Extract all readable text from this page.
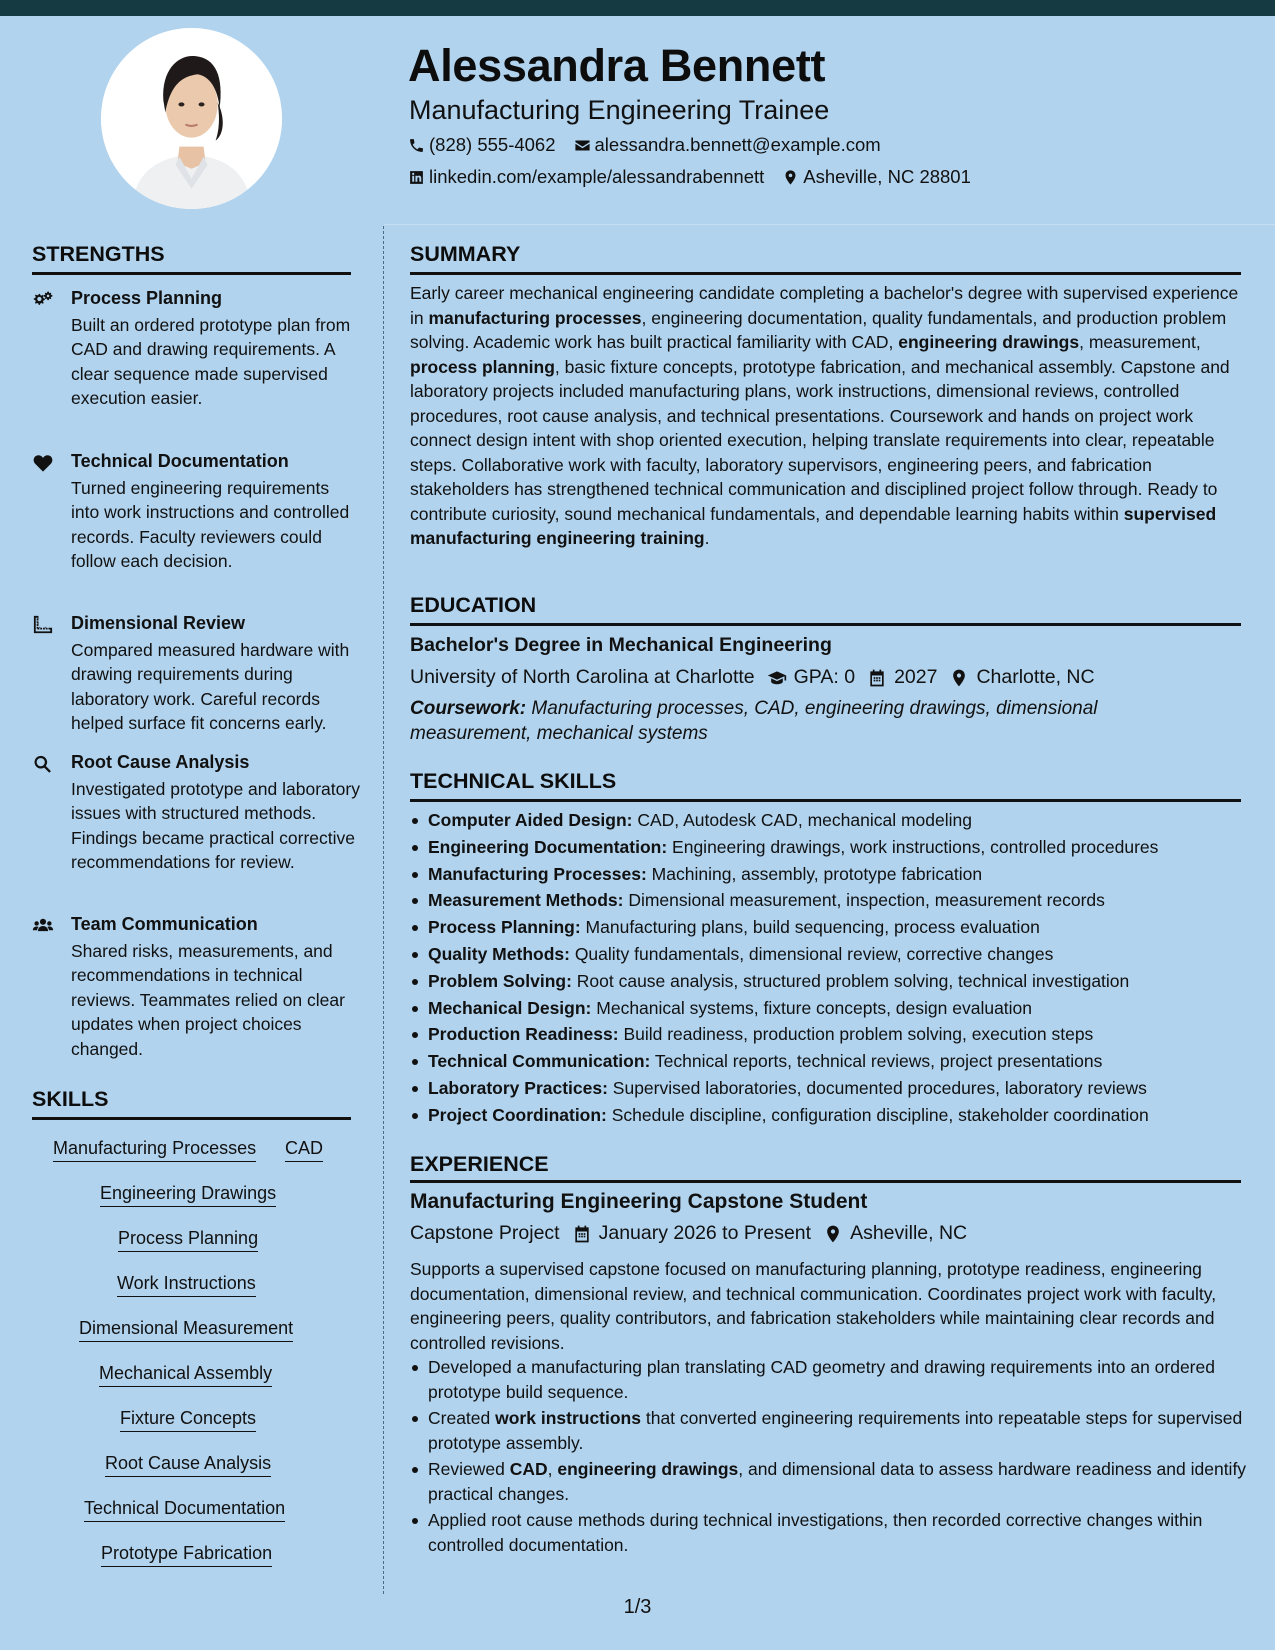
Alessandra Bennett
Manufacturing Engineering Trainee
(828) 555-4062 alessandra.bennett@example.com
linkedin.com/example/alessandrabennett Asheville, NC 28801
STRENGTHS
Process Planning
Built an ordered prototype plan from CAD and drawing requirements. A clear sequence made supervised execution easier.
Technical Documentation
Turned engineering requirements into work instructions and controlled records. Faculty reviewers could follow each decision.
Dimensional Review
Compared measured hardware with drawing requirements during laboratory work. Careful records helped surface fit concerns early.
Root Cause Analysis
Investigated prototype and laboratory issues with structured methods. Findings became practical corrective recommendations for review.
Team Communication
Shared risks, measurements, and recommendations in technical reviews. Teammates relied on clear updates when project choices changed.
SKILLS
Manufacturing Processes CAD
Engineering Drawings
Process Planning
Work Instructions
Dimensional Measurement
Mechanical Assembly
Fixture Concepts
Root Cause Analysis
Technical Documentation
Prototype Fabrication
SUMMARY
Early career mechanical engineering candidate completing a bachelor's degree with supervised experience in manufacturing processes, engineering documentation, quality fundamentals, and production problem solving. Academic work has built practical familiarity with CAD, engineering drawings, measurement, process planning, basic fixture concepts, prototype fabrication, and mechanical assembly. Capstone and laboratory projects included manufacturing plans, work instructions, dimensional reviews, controlled procedures, root cause analysis, and technical presentations. Coursework and hands on project work connect design intent with shop oriented execution, helping translate requirements into clear, repeatable steps. Collaborative work with faculty, laboratory supervisors, engineering peers, and fabrication stakeholders has strengthened technical communication and disciplined project follow through. Ready to contribute curiosity, sound mechanical fundamentals, and dependable learning habits within supervised manufacturing engineering training.
EDUCATION
Bachelor's Degree in Mechanical Engineering
University of North Carolina at Charlotte GPA: 0 2027 Charlotte, NC
Coursework: Manufacturing processes, CAD, engineering drawings, dimensional measurement, mechanical systems
TECHNICAL SKILLS
Computer Aided Design: CAD, Autodesk CAD, mechanical modeling
Engineering Documentation: Engineering drawings, work instructions, controlled procedures
Manufacturing Processes: Machining, assembly, prototype fabrication
Measurement Methods: Dimensional measurement, inspection, measurement records
Process Planning: Manufacturing plans, build sequencing, process evaluation
Quality Methods: Quality fundamentals, dimensional review, corrective changes
Problem Solving: Root cause analysis, structured problem solving, technical investigation
Mechanical Design: Mechanical systems, fixture concepts, design evaluation
Production Readiness: Build readiness, production problem solving, execution steps
Technical Communication: Technical reports, technical reviews, project presentations
Laboratory Practices: Supervised laboratories, documented procedures, laboratory reviews
Project Coordination: Schedule discipline, configuration discipline, stakeholder coordination
EXPERIENCE
Manufacturing Engineering Capstone Student
Capstone Project January 2026 to Present Asheville, NC
Supports a supervised capstone focused on manufacturing planning, prototype readiness, engineering documentation, dimensional review, and technical communication. Coordinates project work with faculty, engineering peers, quality contributors, and fabrication stakeholders while maintaining clear records and controlled revisions.
Developed a manufacturing plan translating CAD geometry and drawing requirements into an ordered prototype build sequence.
Created work instructions that converted engineering requirements into repeatable steps for supervised prototype assembly.
Reviewed CAD, engineering drawings, and dimensional data to assess hardware readiness and identify practical changes.
Applied root cause methods during technical investigations, then recorded corrective changes within controlled documentation.
1/3
